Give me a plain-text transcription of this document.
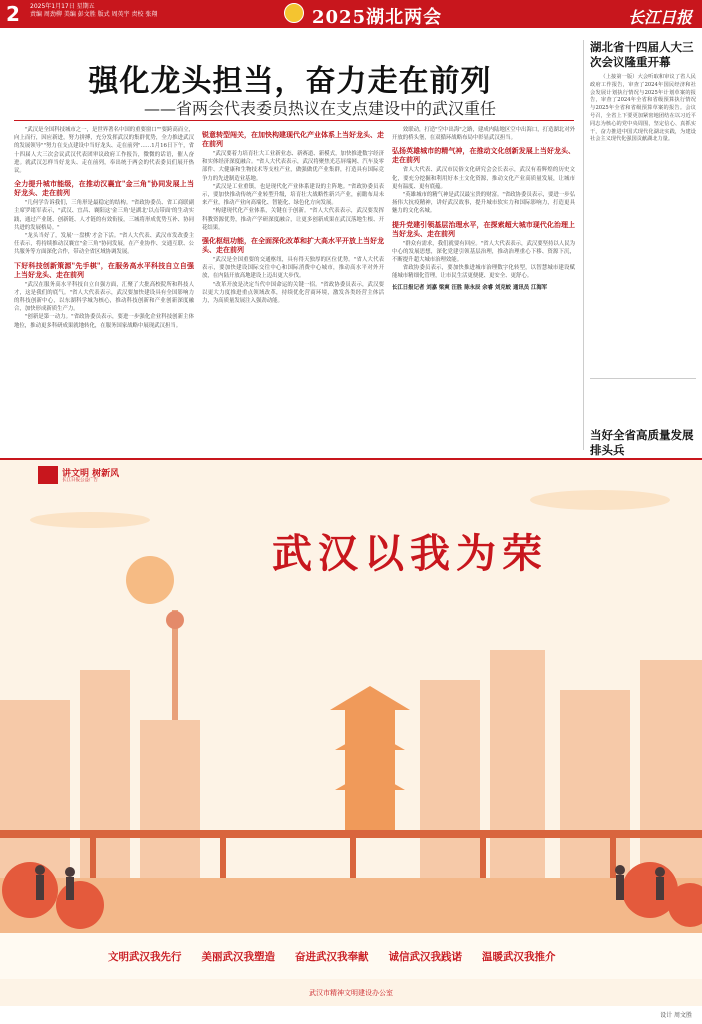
2 2025年1月17日 星期五
责编 周劲柳 美编 彭文胜 版式 周英宇 责校 张翔	2025湖北两会	长江日报
强化龙头担当，奋力走在前列
——省两会代表委员热议在支点建设中的武汉重任

"武汉是全国科技城市之一，是世界著名中国的重要窗口""要跨高而立，向上而行，因应新进，努力拼搏，充分发挥武汉的集群优势，全力推进武汉的发展领导""努力在支点建设中当好龙头、走在前列"……1月16日下午，省十四届人大三次会议武汉代表团审议政府工作报告，微微的话语，催人奋进。就武汉怎样当好龙头、走在前列，奉出统于两会的代表委员们展开热议。

全力提升城市能级，在推动汉襄宜"金三角"协同发展上当好龙头、走在前列

"几何学告诉我们，三角形是最稳定的结构。"省政协委员、省工商联副主席罗绪军表示，"武汉、宜昌、襄阳这'金三角'是湖北'以点带面'的生动实践，通过产业链、创新链、人才链的有效衔接，三城将形成优势互补、协同共进的发展格局。"

"龙头当好了，发展'一盘棋'才会下活。"省人大代表、武汉市发改委主任表示，将持续推动汉襄宜"金三角"协同发展，在产业协作、交通互联、公共服务等方面深化合作，带动全省区域协调发展。

下好科技创新策源"先手棋"，在服务高水平科技自立自强上当好龙头、走在前列

"武汉在服务高水平科技自立自强方面，汇聚了大批高校院所和科技人才，这是我们的底气。"省人大代表表示，武汉要加快建设具有全国影响力的科技创新中心，以东湖科学城为核心，推动科技创新和产业创新深度融合，加快形成新质生产力。

"创新是第一动力。"省政协委员表示，要进一步强化企业科技创新主体地位，推动更多科研成果就地转化，在服务国家战略中展现武汉担当。

锐意转型闯关，在加快构建现代化产业体系上当好龙头、走在前列

"武汉要着力培育壮大工业新业态、新赛道、新模式，加快推进数字经济和实体经济深度融合。"省人大代表表示，武汉将聚焦光芯屏端网、汽车及零部件、大健康和生物技术等支柱产业，做强做优产业集群，打造具有国际竞争力的先进制造业基地。

"武汉是工业重镇，也是现代化产业体系建设的主阵地。"省政协委员表示，要加快推动传统产业转型升级，培育壮大战略性新兴产业，前瞻布局未来产业，推动产业向高端化、智能化、绿色化方向发展。

"构建现代化产业体系，关键在于创新。"省人大代表表示，武汉要发挥科教资源优势，推动产学研深度融合，让更多创新成果在武汉落地生根、开花结果。

强化枢纽功能，在全面深化改革和扩大高水平开放上当好龙头、走在前列

"武汉是全国重要的交通枢纽，具有得天独厚的区位优势。"省人大代表表示，要加快建设国际交往中心和国际消费中心城市，推动高水平对外开放，在内陆开放高地建设上迈出更大步伐。

"改革开放是决定当代中国命运的关键一招。"省政协委员表示，武汉要以更大力度推进重点领域改革，持续优化营商环境，激发各类经营主体活力，为高质量发展注入强劲动能。

效联动，打造"空中出海"之路，建成内陆地区空中出海口，打造湖北对外开放的桥头堡，在双循环战略布局中彰显武汉担当。

弘扬英雄城市的精气神，在推动文化创新发展上当好龙头、走在前列

省人大代表、武汉市民俗文化研究会会长表示，武汉有着辉煌的历史文化，要充分挖掘和利用好本土文化资源，推动文化产业高质量发展，让城市更有温度、更有底蕴。

"英雄城市的精气神是武汉最宝贵的财富。"省政协委员表示，要进一步弘扬伟大抗疫精神，讲好武汉故事，提升城市软实力和国际影响力，打造更具魅力的文化名城。

提升党建引领基层治理水平，在探索超大城市现代化治理上当好龙头、走在前列

"群众有需求，我们就要有回应。"省人大代表表示，武汉要坚持以人民为中心的发展思想，深化党建引领基层治理，推动治理重心下移、资源下沉，不断提升超大城市治理效能。

省政协委员表示，要加快推进城市治理数字化转型，以智慧城市建设赋能城市精细化管理，让市民生活更便捷、更安全、更舒心。

长江日报记者 刘嘉 梁爽 汪胜 陈永辰 余睿 刘克蛟 通讯员 江海军

湖北省十四届人大三次会议隆重开幕

（上接第一版）大会听取和审议了省人民政府工作报告，审查了2024年国民经济和社会发展计划执行情况与2025年计划草案的报告，审查了2024年全省和省级预算执行情况与2025年全省和省级预算草案的报告。会议号召，全省上下要更加紧密地团结在以习近平同志为核心的党中央周围，坚定信心、真抓实干，奋力推进中国式现代化湖北实践，为建设社会主义现代化强国贡献湖北力量。

当好全省高质量发展排头兵

讲文明 树新风
长江日报公益广告
武汉以我为荣
文明武汉我先行 美丽武汉我塑造 奋进武汉我奉献 诚信武汉我践诺 温暖武汉我推介
武汉市精神文明建设办公室
设计 周文胜
